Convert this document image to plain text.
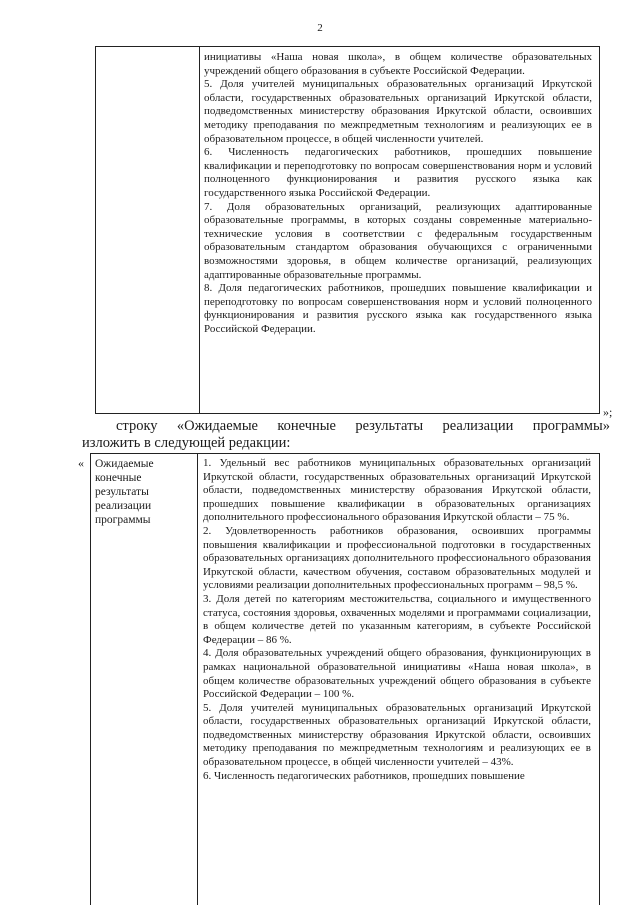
2

инициативы «Наша новая школа», в общем количестве образовательных учреждений общего образования в субъекте Российской Федерации.

5. Доля учителей муниципальных образовательных организаций Иркутской области, государственных образовательных организаций Иркутской области, подведомственных министерству образования Иркутской области, освоивших методику преподавания по межпредметным технологиям и реализующих ее в образовательном процессе, в общей численности учителей.

6. Численность педагогических работников, прошедших повышение квалификации и переподготовку по вопросам совершенствования норм и условий полноценного функционирования и развития русского языка как государственного языка Российской Федерации.

7. Доля образовательных организаций, реализующих адаптированные образовательные программы, в которых созданы современные материально-технические условия в соответствии с федеральным государственным образовательным стандартом образования обучающихся с ограниченными возможностями здоровья, в общем количестве организаций, реализующих адаптированные образовательные программы.

8. Доля педагогических работников, прошедших повышение квалификации и переподготовку по вопросам совершенствования норм и условий полноценного функционирования и развития русского языка как государственного языка Российской Федерации.

»;
строку «Ожидаемые конечные результаты реализации программы»
изложить в следующей редакции:
« Ожидаемые конечные результаты реализации программы

1. Удельный вес работников муниципальных образовательных организаций Иркутской области, государственных образовательных организаций Иркутской области, подведомственных министерству образования Иркутской области, прошедших повышение квалификации в образовательных организациях дополнительного профессионального образования Иркутской области – 75 %.

2. Удовлетворенность работников образования, освоивших программы повышения квалификации и профессиональной подготовки в государственных образовательных организациях дополнительного профессионального образования Иркутской области, качеством обучения, составом образовательных модулей и условиями реализации дополнительных профессиональных программ – 98,5 %.

3. Доля детей по категориям местожительства, социального и имущественного статуса, состояния здоровья, охваченных моделями и программами социализации, в общем количестве детей по указанным категориям, в субъекте Российской Федерации – 86 %.

4. Доля образовательных учреждений общего образования, функционирующих в рамках национальной образовательной инициативы «Наша новая школа», в общем количестве образовательных учреждений общего образования в субъекте Российской Федерации – 100 %.

5. Доля учителей муниципальных образовательных организаций Иркутской области, государственных образовательных организаций Иркутской области, подведомственных министерству образования Иркутской области, освоивших методику преподавания по межпредметным технологиям и реализующих ее в образовательном процессе, в общей численности учителей – 43%.

6. Численность педагогических работников, прошедших повышение
